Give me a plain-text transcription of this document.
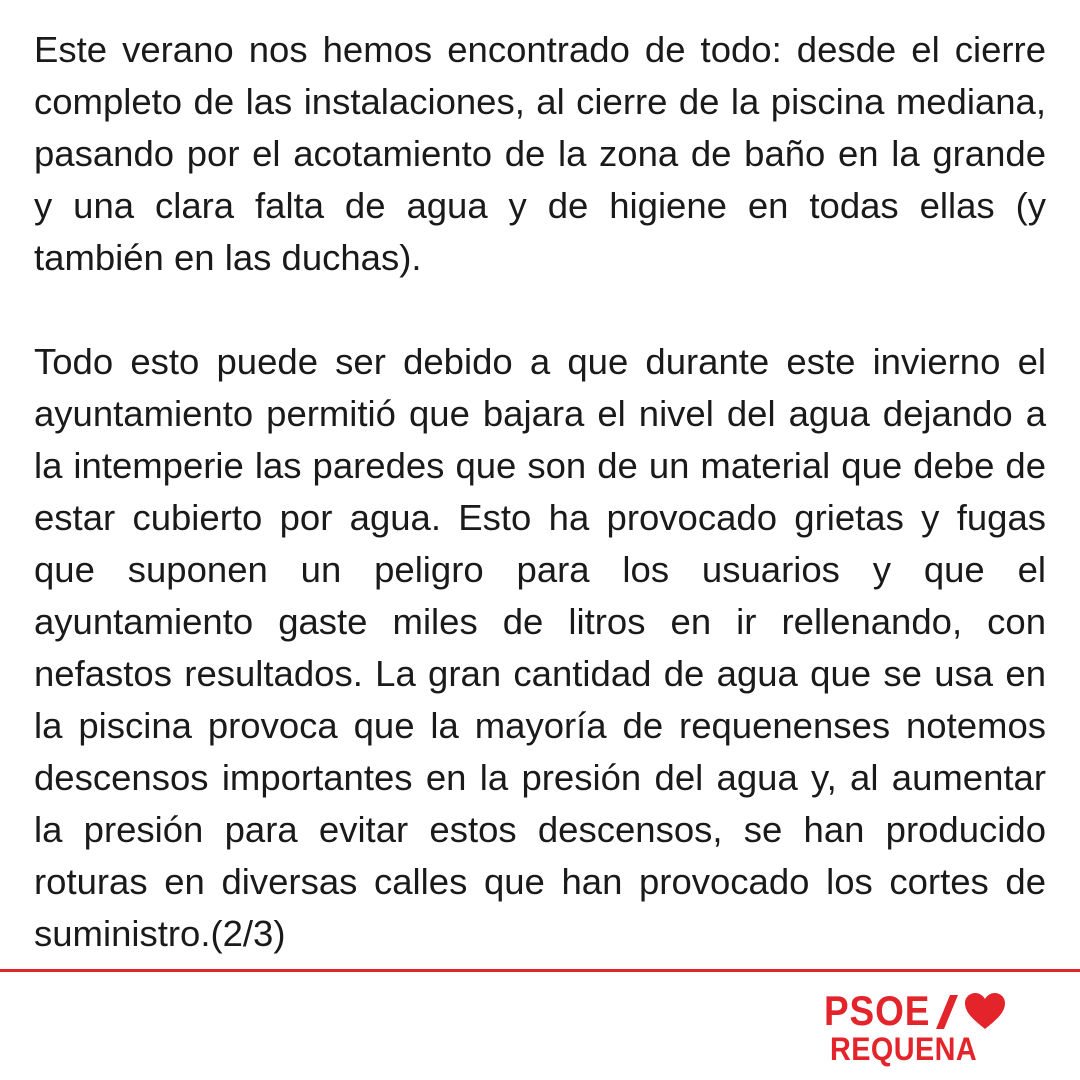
Este verano nos hemos encontrado de todo: desde el cierre completo de las instalaciones, al cierre de la piscina mediana, pasando por el acotamiento de la zona de baño en la grande y una clara falta de agua y de higiene en todas ellas (y también en las duchas).

Todo esto puede ser debido a que durante este invierno el ayuntamiento permitió que bajara el nivel del agua dejando a la intemperie las paredes que son de un material que debe de estar cubierto por agua. Esto ha provocado grietas y fugas que suponen un peligro para los usuarios y que el ayuntamiento gaste miles de litros en ir rellenando, con nefastos resultados. La gran cantidad de agua que se usa en la piscina provoca que la mayoría de requenenses notemos descensos importantes en la presión del agua y, al aumentar la presión para evitar estos descensos, se han producido roturas en diversas calles que han provocado los cortes de suministro.(2/3)

PSOE
REQUENA
